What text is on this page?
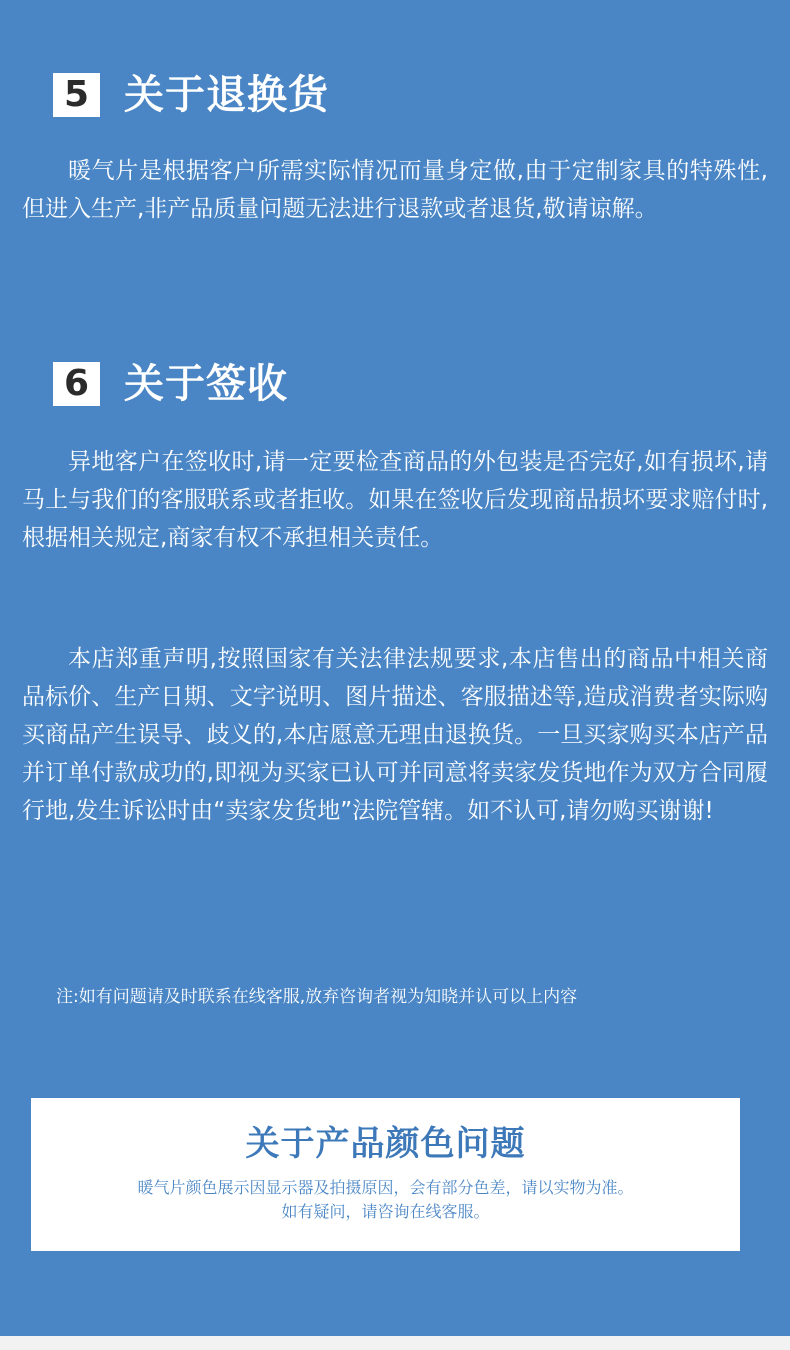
5 关于退换货
暖气片是根据客户所需实际情况而量身定做,由于定制家具的特殊性,但进入生产,非产品质量问题无法进行退款或者退货,敬请谅解。
6 关于签收
异地客户在签收时,请一定要检查商品的外包装是否完好,如有损坏,请马上与我们的客服联系或者拒收。如果在签收后发现商品损坏要求赔付时,根据相关规定,商家有权不承担相关责任。
本店郑重声明,按照国家有关法律法规要求,本店售出的商品中相关商品标价、生产日期、文字说明、图片描述、客服描述等,造成消费者实际购买商品产生误导、歧义的,本店愿意无理由退换货。一旦买家购买本店产品并订单付款成功的,即视为买家已认可并同意将卖家发货地作为双方合同履行地,发生诉讼时由“卖家发货地”法院管辖。如不认可,请勿购买谢谢!
注:如有问题请及时联系在线客服,放弃咨询者视为知晓并认可以上内容
关于产品颜色问题
暖气片颜色展示因显示器及拍摄原因，会有部分色差，请以实物为准。
如有疑问，请咨询在线客服。
